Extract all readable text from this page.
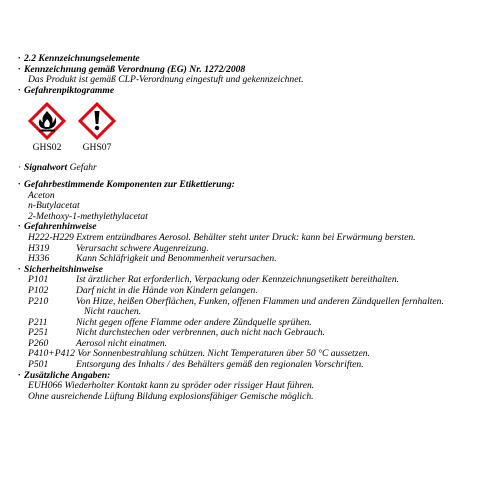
· 2.2 Kennzeichnungselemente
· Kennzeichnung gemäß Verordnung (EG) Nr. 1272/2008
Das Produkt ist gemäß CLP-Verordnung eingestuft und gekennzeichnet.
· Gefahrenpiktogramme
GHS02 GHS07
· Signalwort Gefahr
· Gefahrbestimmende Komponenten zur Etikettierung:
Aceton
n-Butylacetat
2-Methoxy-1-methylethylacetat
· Gefahrenhinweise
H222-H229 Extrem entzündbares Aerosol. Behälter steht unter Druck: kann bei Erwärmung bersten.
H319	Verursacht schwere Augenreizung.
H336	Kann Schläfrigkeit und Benommenheit verursachen.
· Sicherheitshinweise
P101	Ist ärztlicher Rat erforderlich, Verpackung oder Kennzeichnungsetikett bereithalten.
P102	Darf nicht in die Hände von Kindern gelangen.
P210	Von Hitze, heißen Oberflächen, Funken, offenen Flammen und anderen Zündquellen fernhalten.
Nicht rauchen.
P211	Nicht gegen offene Flamme oder andere Zündquelle sprühen.
P251	Nicht durchstechen oder verbrennen, auch nicht nach Gebrauch.
P260	Aerosol nicht einatmen.
P410+P412 Vor Sonnenbestrahlung schützen. Nicht Temperaturen über 50 °C aussetzen.
P501	Entsorgung des Inhalts / des Behälters gemäß den regionalen Vorschriften.
· Zusätzliche Angaben:
EUH066 Wiederholter Kontakt kann zu spröder oder rissiger Haut führen.
Ohne ausreichende Lüftung Bildung explosionsfähiger Gemische möglich.
